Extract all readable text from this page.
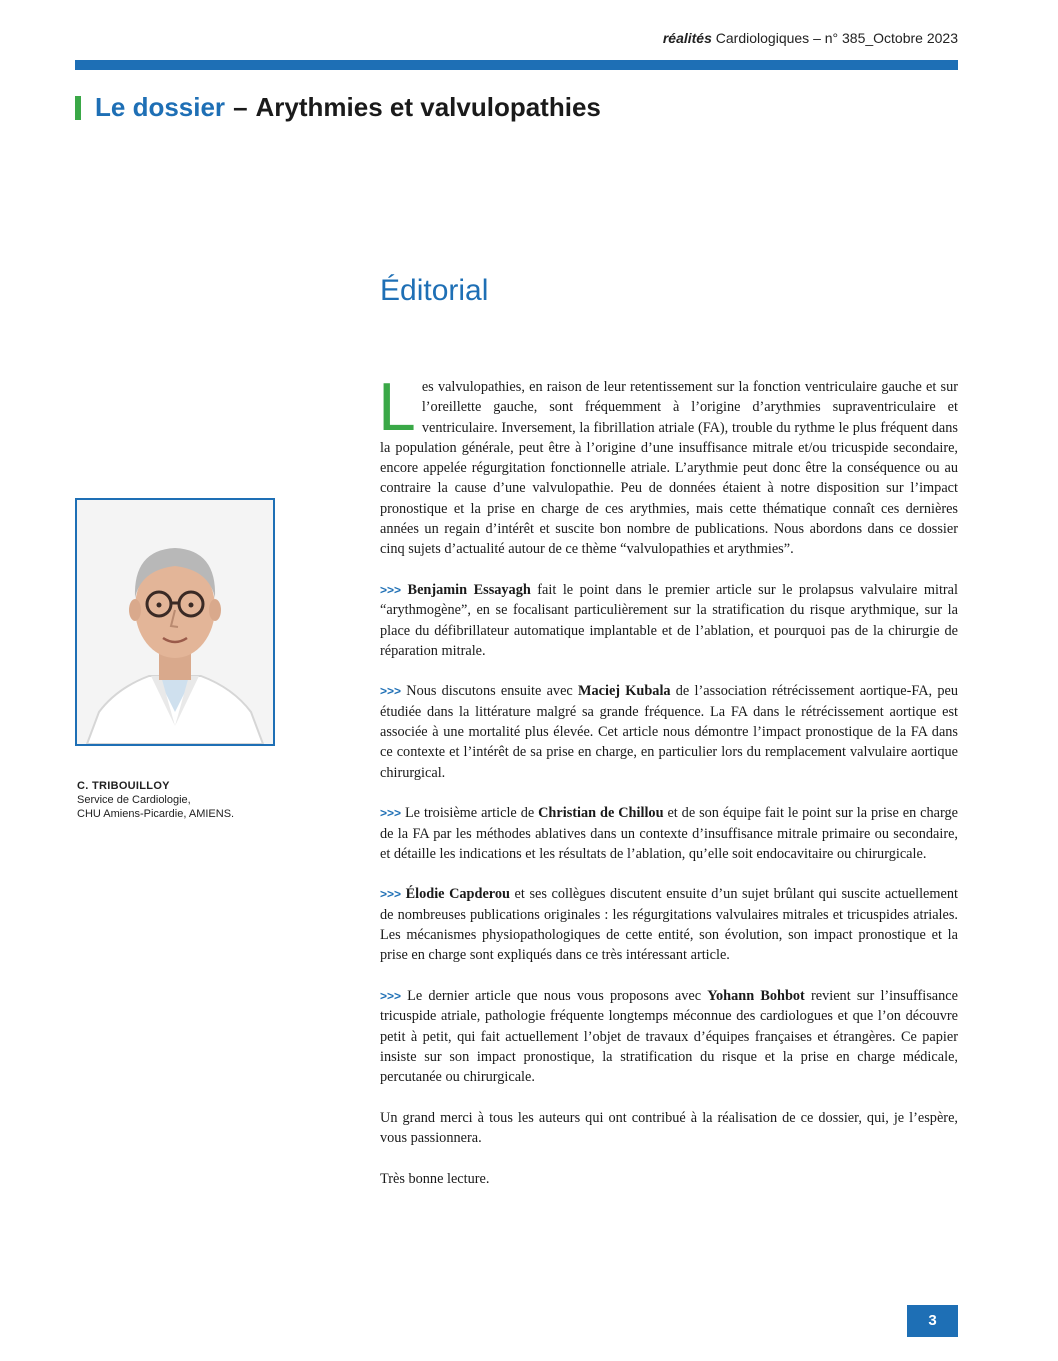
réalités Cardiologiques – n° 385_Octobre 2023
Le dossier – Arythmies et valvulopathies
Éditorial
C. TRIBOUILLOY
Service de Cardiologie,
CHU Amiens-Picardie, AMIENS.

Les valvulopathies, en raison de leur retentissement sur la fonction ventriculaire gauche et sur l’oreillette gauche, sont fréquemment à l’origine d’arythmies supraventriculaire et ventriculaire. Inversement, la fibrillation atriale (FA), trouble du rythme le plus fréquent dans la population générale, peut être à l’origine d’une insuffisance mitrale et/ou tricuspide secondaire, encore appelée régurgitation fonctionnelle atriale. L’arythmie peut donc être la conséquence ou au contraire la cause d’une valvulopathie. Peu de données étaient à notre disposition sur l’impact pronostique et la prise en charge de ces arythmies, mais cette thématique connaît ces dernières années un regain d’intérêt et suscite bon nombre de publications. Nous abordons dans ce dossier cinq sujets d’actualité autour de ce thème “valvulopathies et arythmies”.

>>> Benjamin Essayagh fait le point dans le premier article sur le prolapsus valvulaire mitral “arythmogène”, en se focalisant particulièrement sur la stratification du risque arythmique, sur la place du défibrillateur automatique implantable et de l’ablation, et pourquoi pas de la chirurgie de réparation mitrale.

>>> Nous discutons ensuite avec Maciej Kubala de l’association rétrécissement aortique-FA, peu étudiée dans la littérature malgré sa grande fréquence. La FA dans le rétrécissement aortique est associée à une mortalité plus élevée. Cet article nous démontre l’impact pronostique de la FA dans ce contexte et l’intérêt de sa prise en charge, en particulier lors du remplacement valvulaire aortique chirurgical.

>>> Le troisième article de Christian de Chillou et de son équipe fait le point sur la prise en charge de la FA par les méthodes ablatives dans un contexte d’insuffisance mitrale primaire ou secondaire, et détaille les indications et les résultats de l’ablation, qu’elle soit endocavitaire ou chirurgicale.

>>> Élodie Capderou et ses collègues discutent ensuite d’un sujet brûlant qui suscite actuellement de nombreuses publications originales : les régurgitations valvulaires mitrales et tricuspides atriales. Les mécanismes physiopathologiques de cette entité, son évolution, son impact pronostique et la prise en charge sont expliqués dans ce très intéressant article.

>>> Le dernier article que nous vous proposons avec Yohann Bohbot revient sur l’insuffisance tricuspide atriale, pathologie fréquente longtemps méconnue des cardiologues et que l’on découvre petit à petit, qui fait actuellement l’objet de travaux d’équipes françaises et étrangères. Ce papier insiste sur son impact pronostique, la stratification du risque et la prise en charge médicale, percutanée ou chirurgicale.

Un grand merci à tous les auteurs qui ont contribué à la réalisation de ce dossier, qui, je l’espère, vous passionnera.

Très bonne lecture.

3
